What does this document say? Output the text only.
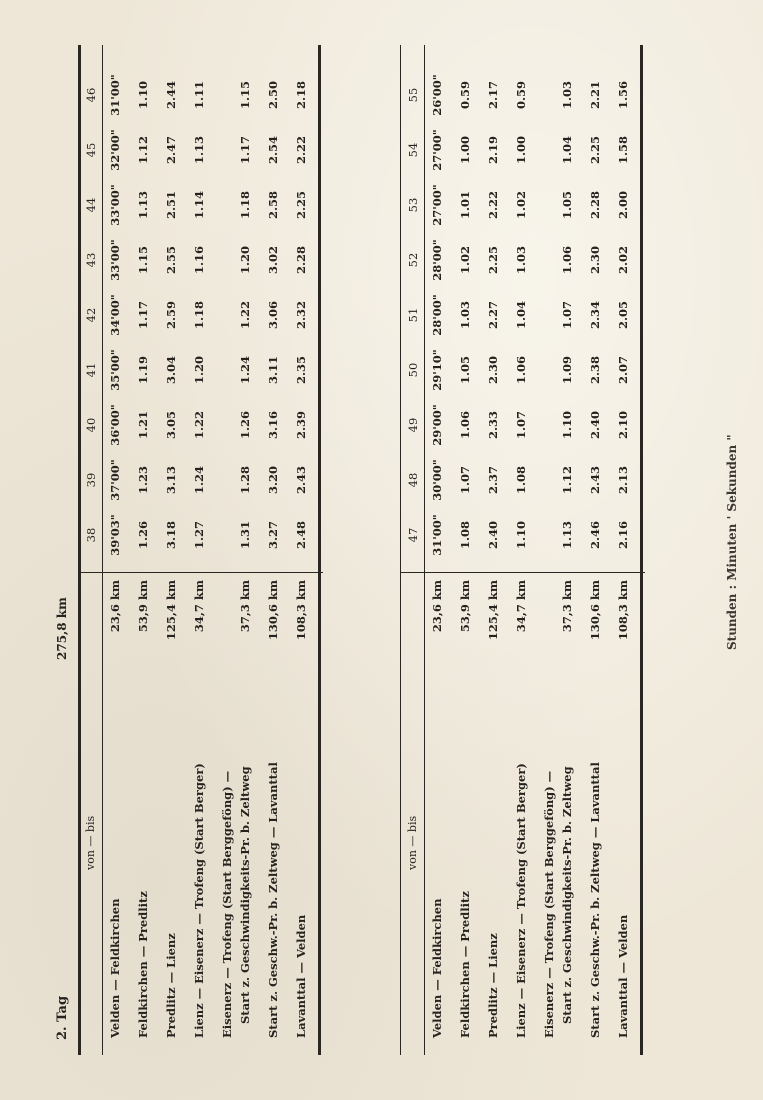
2. Tag
275,8 km
von — bis
38
39
40
41
42
43
44
45
46
Velden — Feldkirchen
23,6 km
39'03"
37'00"
36'00"
35'00"
34'00"
33'00"
33'00"
32'00"
31'00"
Feldkirchen — Predlitz
53,9 km
1.26
1.23
1.21
1.19
1.17
1.15
1.13
1.12
1.10
Predlitz — Lienz
125,4 km
3.18
3.13
3.05
3.04
2.59
2.55
2.51
2.47
2.44
Lienz — Eisenerz — Trofeng (Start Berger)
34,7 km
1.27
1.24
1.22
1.20
1.18
1.16
1.14
1.13
1.11
Eisenerz — Trofeng (Start Berggeföng) — Start z. Geschwindigkeits-Pr. b. Zeltweg
37,3 km
1.31
1.28
1.26
1.24
1.22
1.20
1.18
1.17
1.15
Start z. Geschw.-Pr. b. Zeltweg — Lavanttal
130,6 km
3.27
3.20
3.16
3.11
3.06
3.02
2.58
2.54
2.50
Lavanttal — Velden
108,3 km
2.48
2.43
2.39
2.35
2.32
2.28
2.25
2.22
2.18
von — bis
47
48
49
50
51
52
53
54
55
Velden — Feldkirchen
23,6 km
31'00"
30'00"
29'00"
29'10"
28'00"
28'00"
27'00"
27'00"
26'00"
Feldkirchen — Predlitz
53,9 km
1.08
1.07
1.06
1.05
1.03
1.02
1.01
1.00
0.59
Predlitz — Lienz
125,4 km
2.40
2.37
2.33
2.30
2.27
2.25
2.22
2.19
2.17
Lienz — Eisenerz — Trofeng (Start Berger)
34,7 km
1.10
1.08
1.07
1.06
1.04
1.03
1.02
1.00
0.59
Eisenerz — Trofeng (Start Berggeföng) — Start z. Geschwindigkeits-Pr. b. Zeltweg
37,3 km
1.13
1.12
1.10
1.09
1.07
1.06
1.05
1.04
1.03
Start z. Geschw.-Pr. b. Zeltweg — Lavanttal
130,6 km
2.46
2.43
2.40
2.38
2.34
2.30
2.28
2.25
2.21
Lavanttal — Velden
108,3 km
2.16
2.13
2.10
2.07
2.05
2.02
2.00
1.58
1.56
Stunden : Minuten ' Sekunden "
